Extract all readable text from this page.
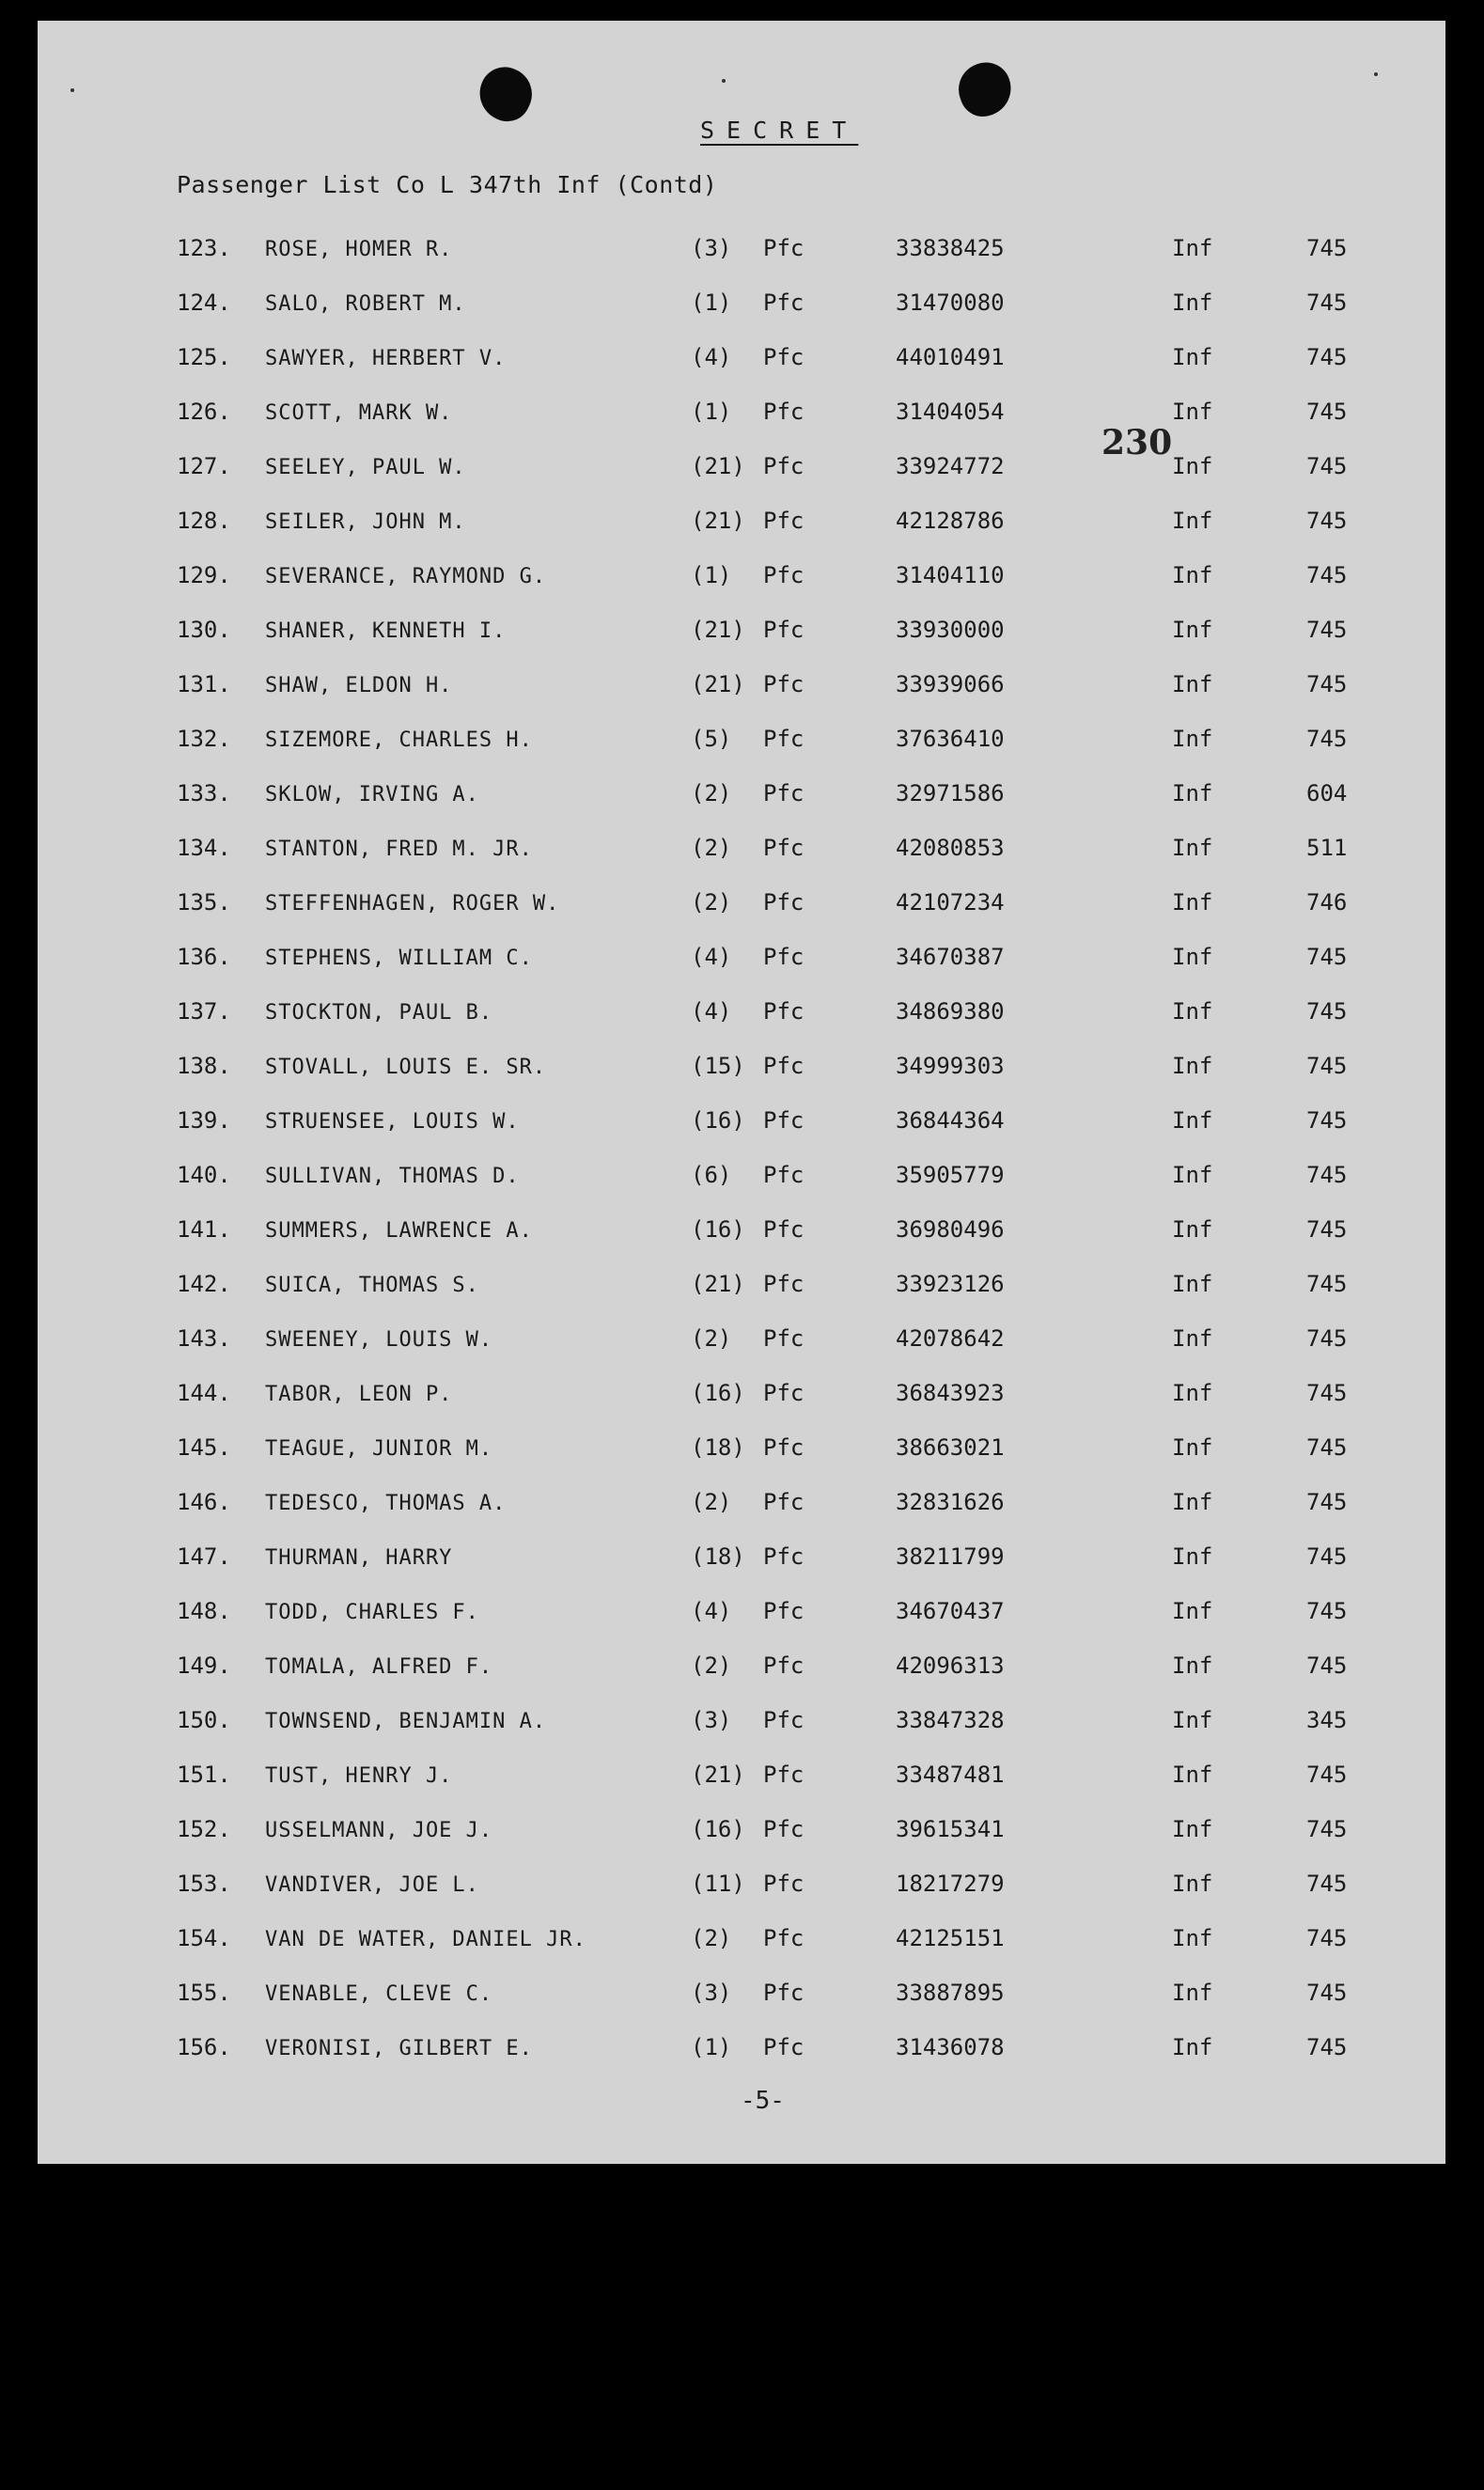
SECRET
Passenger List Co L 347th Inf (Contd)
230
123. ROSE, HOMER R.	(3) Pfc	33838425	Inf	745
124. SALO, ROBERT M.	(1) Pfc	31470080	Inf	745
125. SAWYER, HERBERT V.	(4) Pfc	44010491	Inf	745
126. SCOTT, MARK W.	(1) Pfc	31404054	Inf	745
127. SEELEY, PAUL W.	(21) Pfc	33924772	Inf	745
128. SEILER, JOHN M.	(21) Pfc	42128786	Inf	745
129. SEVERANCE, RAYMOND G.	(1) Pfc	31404110	Inf	745
130. SHANER, KENNETH I.	(21) Pfc	33930000	Inf	745
131. SHAW, ELDON H.	(21) Pfc	33939066	Inf	745
132. SIZEMORE, CHARLES H.	(5) Pfc	37636410	Inf	745
133. SKLOW, IRVING A.	(2) Pfc	32971586	Inf	604
134. STANTON, FRED M. JR.	(2) Pfc	42080853	Inf	511
135. STEFFENHAGEN, ROGER W.	(2) Pfc	42107234	Inf	746
136. STEPHENS, WILLIAM C.	(4) Pfc	34670387	Inf	745
137. STOCKTON, PAUL B.	(4) Pfc	34869380	Inf	745
138. STOVALL, LOUIS E. SR.	(15) Pfc	34999303	Inf	745
139. STRUENSEE, LOUIS W.	(16) Pfc	36844364	Inf	745
140. SULLIVAN, THOMAS D.	(6) Pfc	35905779	Inf	745
141. SUMMERS, LAWRENCE A.	(16) Pfc	36980496	Inf	745
142. SUICA, THOMAS S.	(21) Pfc	33923126	Inf	745
143. SWEENEY, LOUIS W.	(2) Pfc	42078642	Inf	745
144. TABOR, LEON P.	(16) Pfc	36843923	Inf	745
145. TEAGUE, JUNIOR M.	(18) Pfc	38663021	Inf	745
146. TEDESCO, THOMAS A.	(2) Pfc	32831626	Inf	745
147. THURMAN, HARRY	(18) Pfc	38211799	Inf	745
148. TODD, CHARLES F.	(4) Pfc	34670437	Inf	745
149. TOMALA, ALFRED F.	(2) Pfc	42096313	Inf	745
150. TOWNSEND, BENJAMIN A.	(3) Pfc	33847328	Inf	345
151. TUST, HENRY J.	(21) Pfc	33487481	Inf	745
152. USSELMANN, JOE J.	(16) Pfc	39615341	Inf	745
153. VANDIVER, JOE L.	(11) Pfc	18217279	Inf	745
154. VAN DE WATER, DANIEL JR.	(2) Pfc	42125151	Inf	745
155. VENABLE, CLEVE C.	(3) Pfc	33887895	Inf	745
156. VERONISI, GILBERT E.	(1) Pfc	31436078	Inf	745
-5-
